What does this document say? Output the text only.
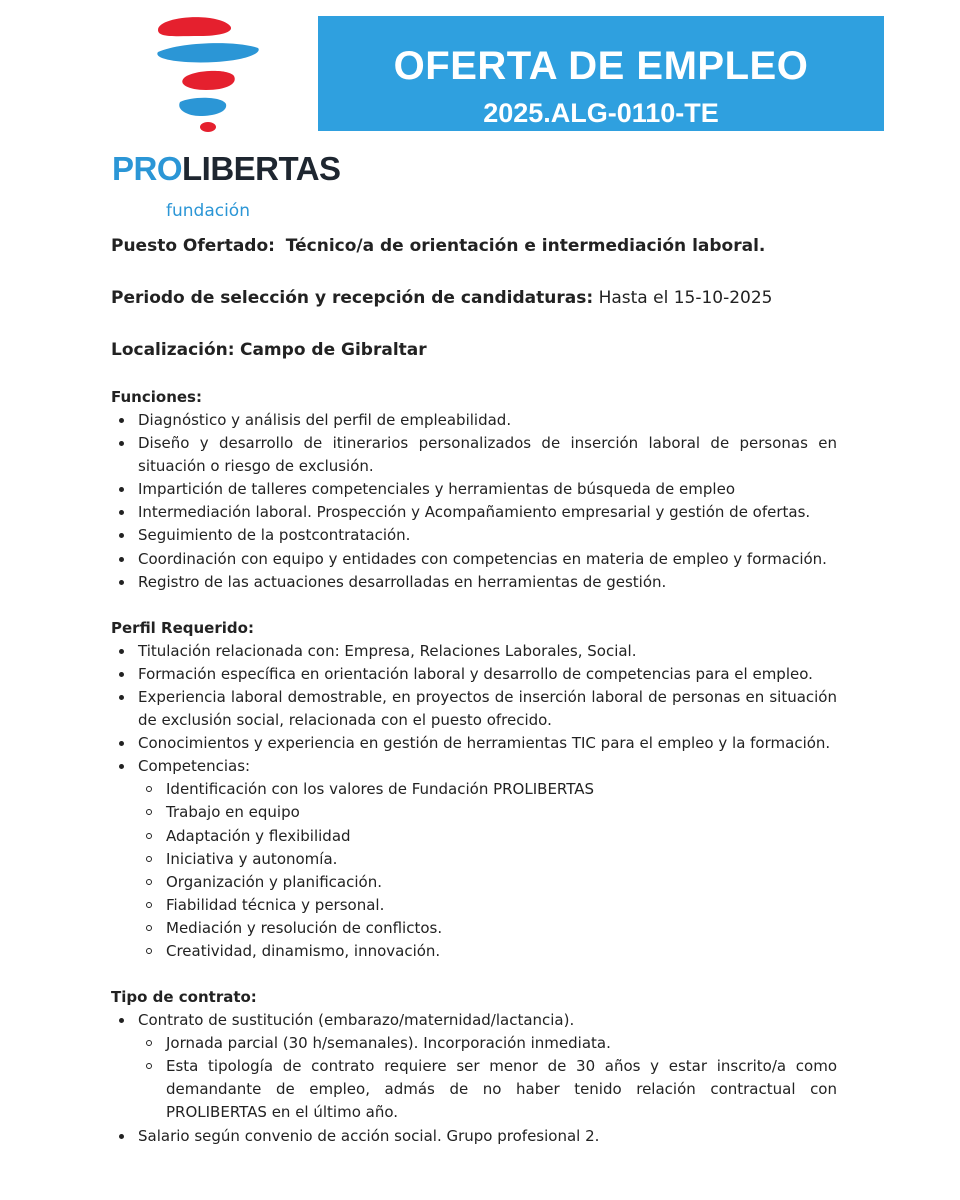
PROLIBERTAS
fundación
OFERTA DE EMPLEO
2025.ALG-0110-TE

Puesto Ofertado: Técnico/a de orientación e intermediación laboral.

Periodo de selección y recepción de candidaturas: Hasta el 15-10-2025

Localización: Campo de Gibraltar

Funciones:

Diagnóstico y análisis del perfil de empleabilidad.
Diseño y desarrollo de itinerarios personalizados de inserción laboral de personas en situación o riesgo de exclusión.
Impartición de talleres competenciales y herramientas de búsqueda de empleo
Intermediación laboral. Prospección y Acompañamiento empresarial y gestión de ofertas.
Seguimiento de la postcontratación.
Coordinación con equipo y entidades con competencias en materia de empleo y formación.
Registro de las actuaciones desarrolladas en herramientas de gestión.

Perfil Requerido:

Titulación relacionada con: Empresa, Relaciones Laborales, Social.
Formación específica en orientación laboral y desarrollo de competencias para el empleo.
Experiencia laboral demostrable, en proyectos de inserción laboral de personas en situación de exclusión social, relacionada con el puesto ofrecido.
Conocimientos y experiencia en gestión de herramientas TIC para el empleo y la formación.
Competencias:
Identificación con los valores de Fundación PROLIBERTAS
Trabajo en equipo
Adaptación y flexibilidad
Iniciativa y autonomía.
Organización y planificación.
Fiabilidad técnica y personal.
Mediación y resolución de conflictos.
Creatividad, dinamismo, innovación.

Tipo de contrato:

Contrato de sustitución (embarazo/maternidad/lactancia).
Jornada parcial (30 h/semanales). Incorporación inmediata.
Esta tipología de contrato requiere ser menor de 30 años y estar inscrito/a como demandante de empleo, admás de no haber tenido relación contractual con PROLIBERTAS en el último año.
Salario según convenio de acción social. Grupo profesional 2.
